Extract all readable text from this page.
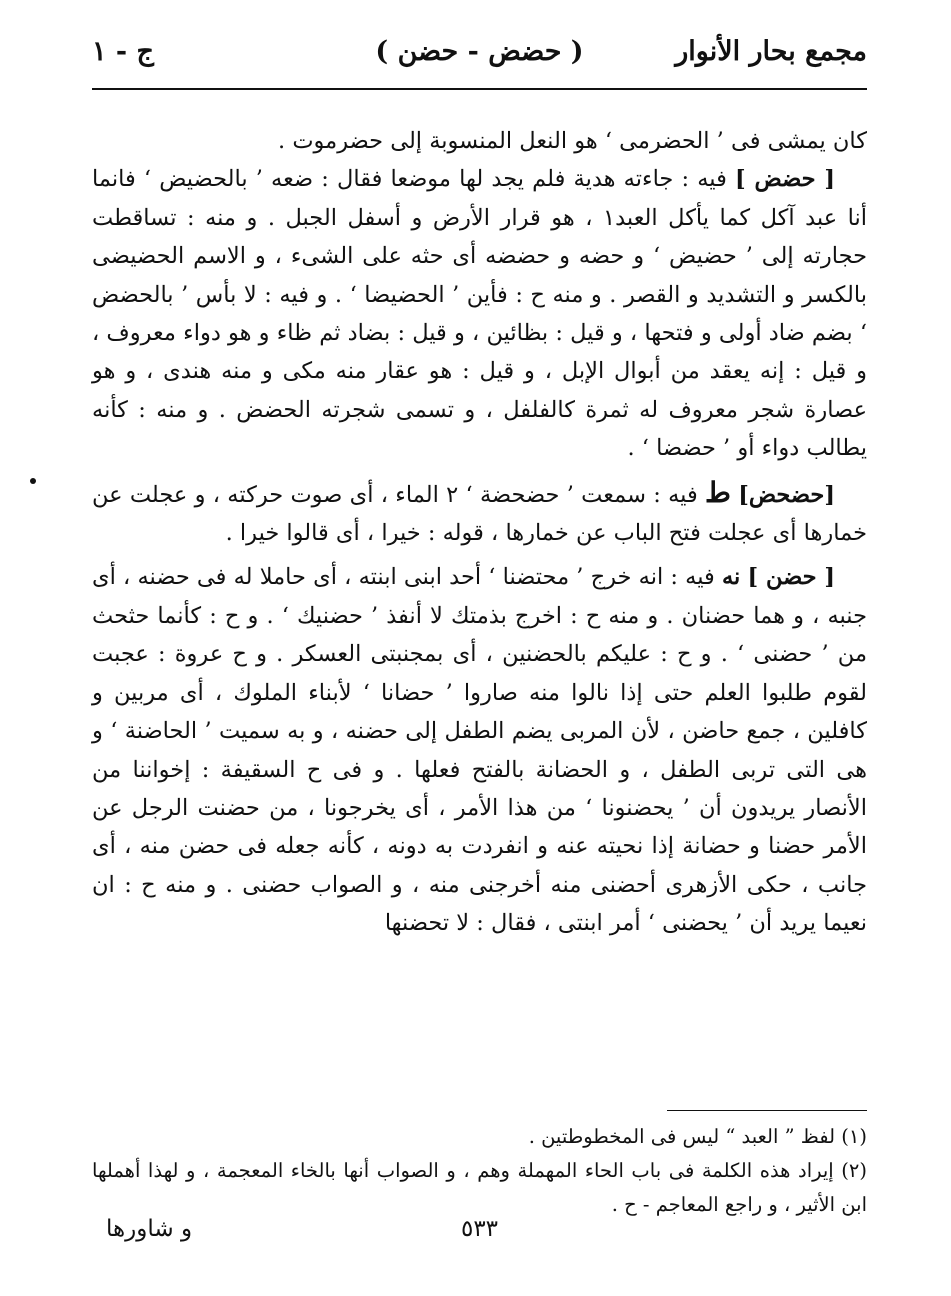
مجمع بحار الأنوار
( حضض - حضن )
ج - ١

كان يمشى فى ’ الحضرمى ‘ هو النعل المنسوبة إلى حضرموت .

[ حضض ] فيه : جاءته هدية فلم يجد لها موضعا فقال : ضعه ’ بالحضيض ‘ فانما أنا عبد آكل كما يأكل العبد١ ، هو قرار الأرض و أسفل الجبل . و منه : تساقطت حجارته إلى ’ حضيض ‘ و حضه و حضضه أى حثه على الشىء ، و الاسم الحضيضى بالكسر و التشديد و القصر . و منه ح : فأين ’ الحضيضا ‘ . و فيه : لا بأس ’ بالحضض ‘ بضم ضاد أولى و فتحها ، و قيل : بظائين ، و قيل : بضاد ثم ظاء و هو دواء معروف ، و قيل : إنه يعقد من أبوال الإبل ، و قيل : هو عقار منه مكى و منه هندى ، و هو عصارة شجر معروف له ثمرة كالفلفل ، و تسمى شجرته الحضض . و منه : كأنه يطالب دواء أو ’ حضضا ‘ .

[حضحض] ط فيه : سمعت ’ حضحضة ‘ ٢ الماء ، أى صوت حركته ، و عجلت عن خمارها أى عجلت فتح الباب عن خمارها ، قوله : خيرا ، أى قالوا خيرا .

[ حضن ] نه فيه : انه خرج ’ محتضنا ‘ أحد ابنى ابنته ، أى حاملا له فى حضنه ، أى جنبه ، و هما حضنان . و منه ح : اخرج بذمتك لا أنفذ ’ حضنيك ‘ . و ح : كأنما حثحث من ’ حضنى ‘ . و ح : عليكم بالحضنين ، أى بمجنبتى العسكر . و ح عروة : عجبت لقوم طلبوا العلم حتى إذا نالوا منه صاروا ’ حضانا ‘ لأبناء الملوك ، أى مربين و كافلين ، جمع حاضن ، لأن المربى يضم الطفل إلى حضنه ، و به سميت ’ الحاضنة ‘ و هى التى تربى الطفل ، و الحضانة بالفتح فعلها . و فى ح السقيفة : إخواننا من الأنصار يريدون أن ’ يحضنونا ‘ من هذا الأمر ، أى يخرجونا ، من حضنت الرجل عن الأمر حضنا و حضانة إذا نحيته عنه و انفردت به دونه ، كأنه جعله فى حضن منه ، أى جانب ، حكى الأزهرى أحضنى منه أخرجنى منه ، و الصواب حضنى . و منه ح : ان نعيما يريد أن ’ يحضنى ‘ أمر ابنتى ، فقال : لا تحضنها

(١) لفظ ” العبد “ ليس فى المخطوطتين .

(٢) إيراد هذه الكلمة فى باب الحاء المهملة وهم ، و الصواب أنها بالخاء المعجمة ، و لهذا أهملها ابن الأثير ، و راجع المعاجم - ح .

٥٣٣
و شاورها
